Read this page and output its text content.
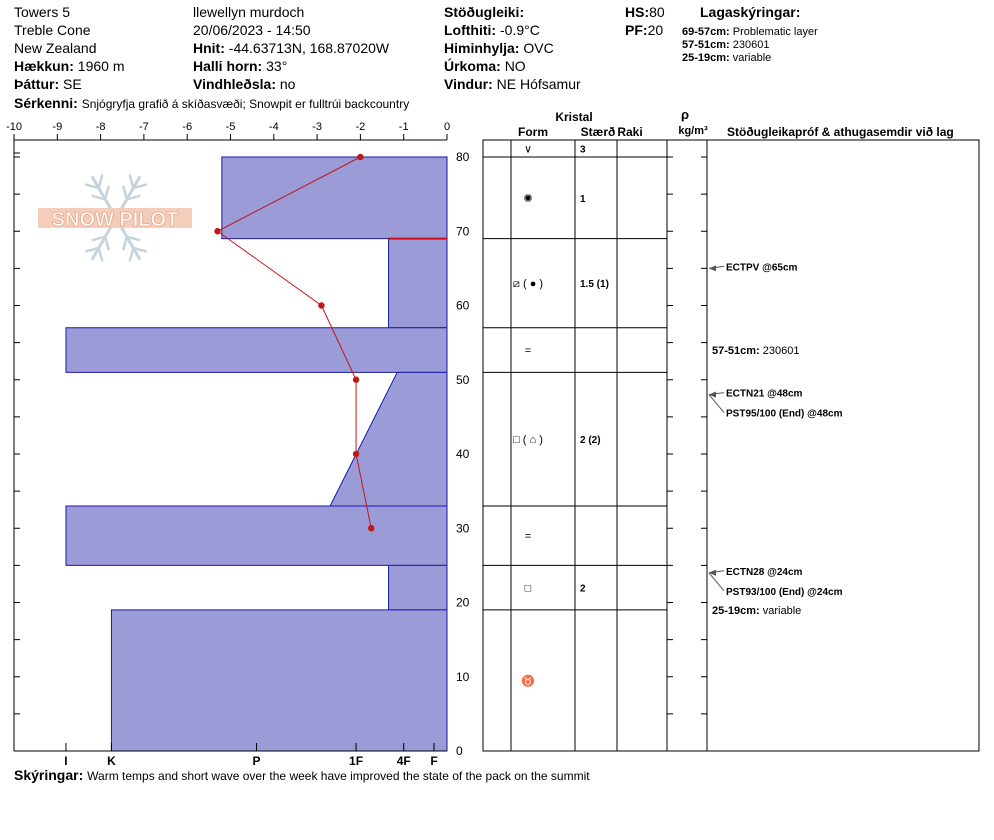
Towers 5
Treble Cone
New Zealand
Hækkun: 1960 m
Þáttur: SE
Sérkenni: Snjógryfja grafið á skíðasvæði; Snowpit er fulltrúi backcountry
llewellyn murdoch
20/06/2023 - 14:50
Hnit: -44.63713N, 168.87020W
Halli horn: 33°
Vindhleðsla: no
Stöðugleiki:
Lofthiti: -0.9°C
Himinhylja: OVC
Úrkoma: NO
Vindur: NE Hófsamur
HS:80
PF:20
Lagaskýringar:
69-57cm: Problematic layer
57-51cm: 230601
25-19cm: variable
SNOW PILOT
-10	-9	-8	-7	-6	-5	-4	-3	-2	-1	0
0
10
20
30
40
50
60
70
80
I	K	P	1F	4F F
Kristal
Form	Stærð Raki
ρ
kg/m³ Stöðugleikapróf & athugasemdir við lag
∨	3
✺	1
⧄ ( ● )	1.5 (1)
=
□ ( ⌂ )	2 (2)
=
□	2
♉
ECTPV @65cm
ECTN21 @48cm
PST95/100 (End) @48cm
ECTN28 @24cm
PST93/100 (End) @24cm
57-51cm: 230601
25-19cm: variable
Skýringar: Warm temps and short wave over the week have improved the state of the pack on the summit
